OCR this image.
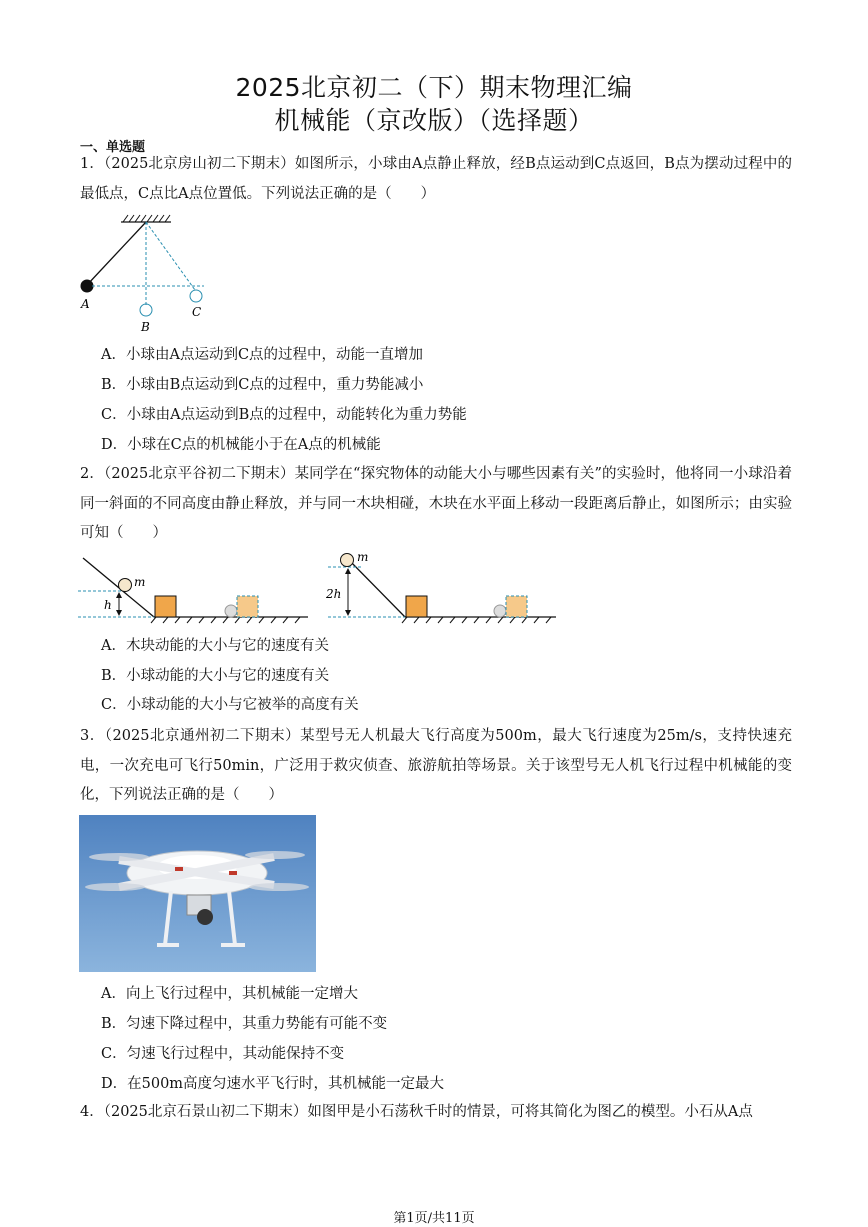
2025北京初二（下）期末物理汇编
机械能（京改版）（选择题）
一、单选题
1．（2025北京房山初二下期末）如图所示，小球由A点静止释放，经B点运动到C点返回，B点为摆动过程中的最低点，C点比A点位置低。下列说法正确的是（　　）
A
B
C
A．小球由A点运动到C点的过程中，动能一直增加
B．小球由B点运动到C点的过程中，重力势能减小
C．小球由A点运动到B点的过程中，动能转化为重力势能
D．小球在C点的机械能小于在A点的机械能
2．（2025北京平谷初二下期末）某同学在“探究物体的动能大小与哪些因素有关”的实验时，他将同一小球沿着同一斜面的不同高度由静止释放，并与同一木块相碰，木块在水平面上移动一段距离后静止，如图所示；由实验可知（　　）
m
h
m
2h
A．木块动能的大小与它的速度有关
B．小球动能的大小与它的速度有关
C．小球动能的大小与它被举的高度有关
3．（2025北京通州初二下期末）某型号无人机最大飞行高度为500m，最大飞行速度为25m/s，支持快速充电，一次充电可飞行50min，广泛用于救灾侦查、旅游航拍等场景。关于该型号无人机飞行过程中机械能的变化，下列说法正确的是（　　）
A．向上飞行过程中，其机械能一定增大
B．匀速下降过程中，其重力势能有可能不变
C．匀速飞行过程中，其动能保持不变
D．在500m高度匀速水平飞行时，其机械能一定最大
4．（2025北京石景山初二下期末）如图甲是小石荡秋千时的情景，可将其简化为图乙的模型。小石从A点
第1页/共11页
